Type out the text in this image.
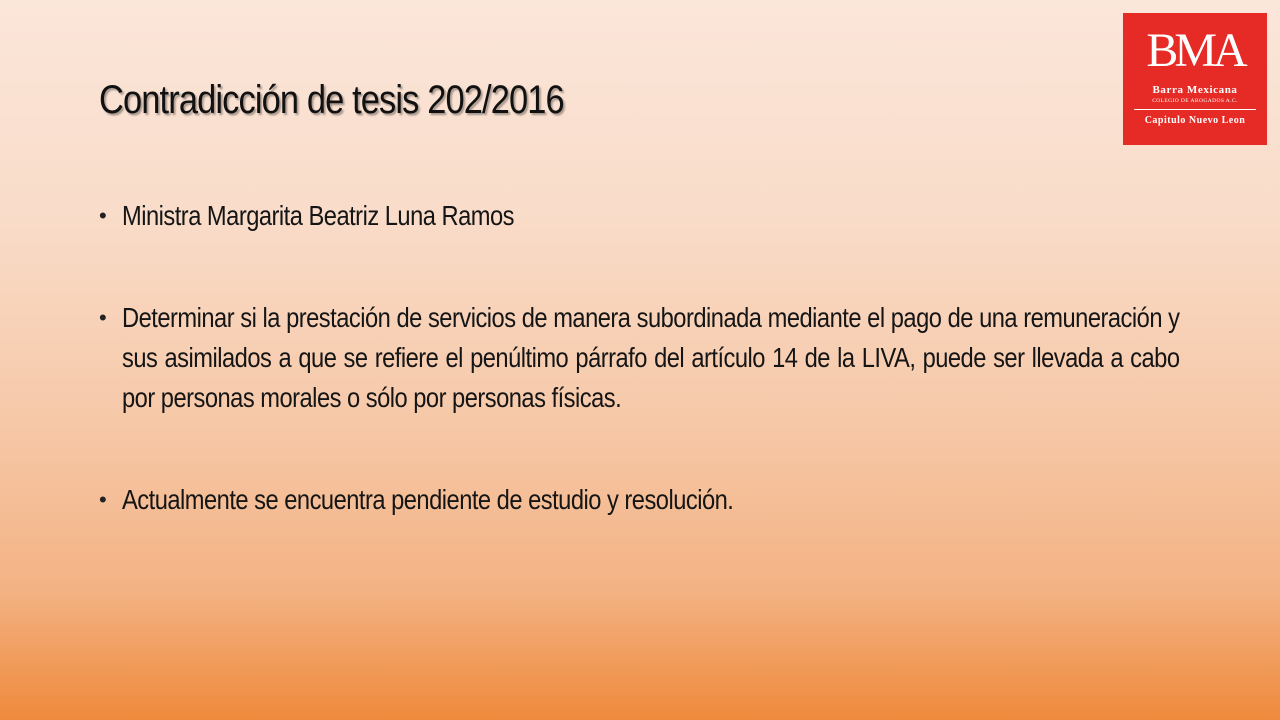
Contradicción de tesis 202/2016
• Ministra Margarita Beatriz Luna Ramos
• Determinar si la prestación de servicios de manera subordinada mediante el pago de una remuneración y sus asimilados a que se refiere el penúltimo párrafo del artículo 14 de la LIVA, puede ser llevada a cabo por personas morales o sólo por personas físicas.
• Actualmente se encuentra pendiente de estudio y resolución.
BMA
Barra Mexicana
COLEGIO DE ABOGADOS A.C.
Capitulo Nuevo Leon
